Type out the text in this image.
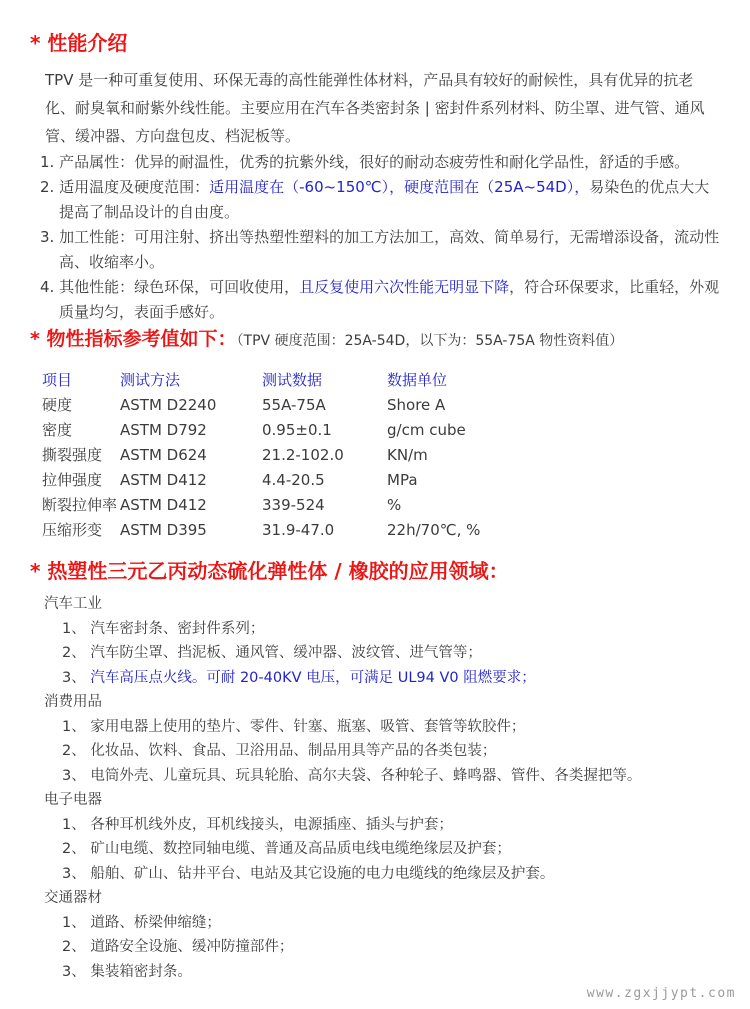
* 性能介绍

TPV 是一种可重复使用、环保无毒的高性能弹性体材料，产品具有较好的耐候性，具有优异的抗老化、耐臭氧和耐紫外线性能。主要应用在汽车各类密封条 | 密封件系列材料、防尘罩、进气管、通风管、缓冲器、方向盘包皮、档泥板等。

1. 产品属性：优异的耐温性，优秀的抗紫外线，很好的耐动态疲劳性和耐化学品性，舒适的手感。
2. 适用温度及硬度范围：适用温度在（-60~150℃），硬度范围在（25A~54D），易染色的优点大大提高了制品设计的自由度。
3. 加工性能：可用注射、挤出等热塑性塑料的加工方法加工，高效、简单易行，无需增添设备，流动性高、收缩率小。
4. 其他性能：绿色环保，可回收使用，且反复使用六次性能无明显下降，符合环保要求，比重轻，外观质量均匀，表面手感好。
* 物性指标参考值如下：（TPV 硬度范围：25A-54D，以下为：55A-75A 物性资料值）
项目	测试方法	测试数据	数据单位
硬度	ASTM D2240	55A-75A	Shore A
密度	ASTM D792	0.95±0.1	g/cm cube
撕裂强度	ASTM D624	21.2-102.0	KN/m
拉伸强度	ASTM D412	4.4-20.5	MPa
断裂拉伸率 ASTM D412	339-524	%
压缩形变	ASTM D395	31.9-47.0	22h/70℃, %
* 热塑性三元乙丙动态硫化弹性体 / 橡胶的应用领域：
汽车工业
1、 汽车密封条、密封件系列；
2、 汽车防尘罩、挡泥板、通风管、缓冲器、波纹管、进气管等；
3、 汽车高压点火线。可耐 20-40KV 电压，可满足 UL94 V0 阻燃要求；
消费用品
1、 家用电器上使用的垫片、零件、针塞、瓶塞、吸管、套管等软胶件；
2、 化妆品、饮料、食品、卫浴用品、制品用具等产品的各类包装；
3、 电筒外壳、儿童玩具、玩具轮胎、高尔夫袋、各种轮子、蜂鸣器、管件、各类握把等。
电子电器
1、 各种耳机线外皮，耳机线接头，电源插座、插头与护套；
2、 矿山电缆、数控同轴电缆、普通及高品质电线电缆绝缘层及护套；
3、 船舶、矿山、钻井平台、电站及其它设施的电力电缆线的绝缘层及护套。
交通器材
1、 道路、桥梁伸缩缝；
2、 道路安全设施、缓冲防撞部件；
3、 集装箱密封条。
www.zgxjjypt.com
